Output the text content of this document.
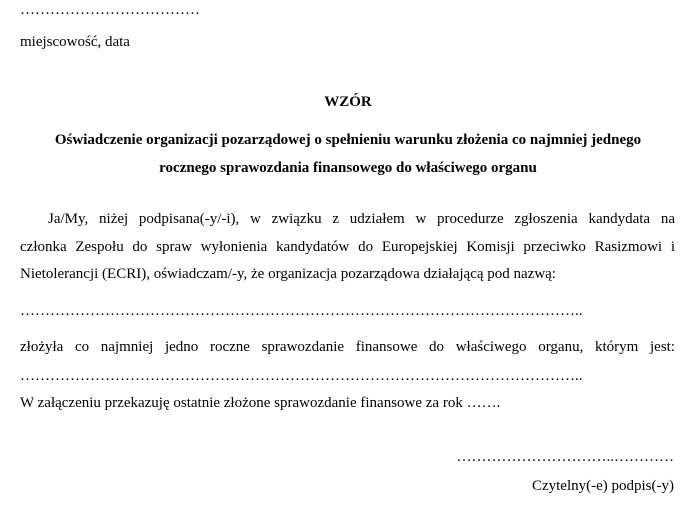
………………………………
miejscowość, data
WZÓR
Oświadczenie organizacji pozarządowej o spełnieniu warunku złożenia co najmniej jednego
rocznego sprawozdania finansowego do właściwego organu
Ja/My, niżej podpisana(-y/-i), w związku z udziałem w procedurze zgłoszenia kandydata na
członka Zespołu do spraw wyłonienia kandydatów do Europejskiej Komisji przeciwko Rasizmowi i
Nietolerancji (ECRI), oświadczam/-y, że organizacja pozarządowa działającą pod nazwą:
…………………………………………………………………………………………………..
złożyła co najmniej jedno roczne sprawozdanie finansowe do właściwego organu, którym jest:
…………………………………………………………………………………………………..
W załączeniu przekazuję ostatnie złożone sprawozdanie finansowe za rok …….
…………………………..…………
Czytelny(-e) podpis(-y)
